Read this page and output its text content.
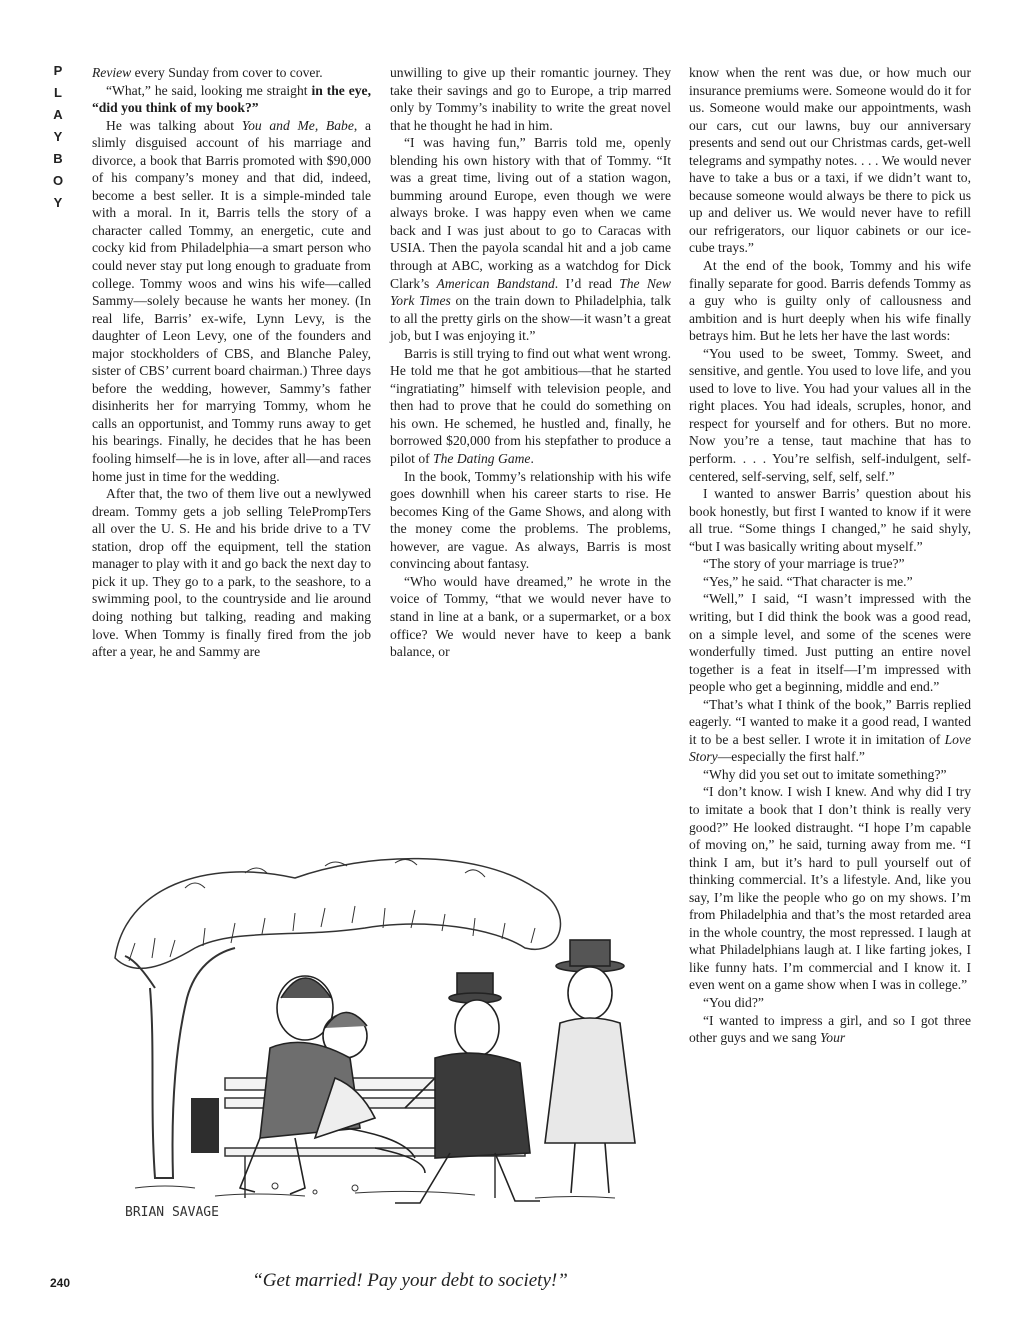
P
L
A
Y
B
O
Y

Review every Sunday from cover to cover.

“What,” he said, looking me straight in the eye, “did you think of my book?”

He was talking about You and Me, Babe, a slimly disguised account of his marriage and divorce, a book that Barris promoted with $90,000 of his company’s money and that did, indeed, become a best seller. It is a simple-minded tale with a moral. In it, Barris tells the story of a character called Tommy, an energetic, cute and cocky kid from Philadelphia—a smart person who could never stay put long enough to graduate from college. Tommy woos and wins his wife—called Sammy—solely because he wants her money. (In real life, Barris’ ex-wife, Lynn Levy, is the daughter of Leon Levy, one of the founders and major stockholders of CBS, and Blanche Paley, sister of CBS’ current board chairman.) Three days before the wedding, however, Sammy’s father disinherits her for marrying Tommy, whom he calls an opportunist, and Tommy runs away to get his bearings. Finally, he decides that he has been fooling himself—he is in love, after all—and races home just in time for the wedding.

After that, the two of them live out a newlywed dream. Tommy gets a job selling TelePrompTers all over the U. S. He and his bride drive to a TV station, drop off the equipment, tell the station manager to play with it and go back the next day to pick it up. They go to a park, to the seashore, to a swimming pool, to the countryside and lie around doing nothing but talking, reading and making love. When Tommy is finally fired from the job after a year, he and Sammy are

unwilling to give up their romantic journey. They take their savings and go to Europe, a trip marred only by Tommy’s inability to write the great novel that he thought he had in him.

“I was having fun,” Barris told me, openly blending his own history with that of Tommy. “It was a great time, living out of a station wagon, bumming around Europe, even though we were always broke. I was happy even when we came back and I was just about to go to Caracas with USIA. Then the payola scandal hit and a job came through at ABC, working as a watchdog for Dick Clark’s American Bandstand. I’d read The New York Times on the train down to Philadelphia, talk to all the pretty girls on the show—it wasn’t a great job, but I was enjoying it.”

Barris is still trying to find out what went wrong. He told me that he got ambitious—that he started “ingratiating” himself with television people, and then had to prove that he could do something on his own. He schemed, he hustled and, finally, he borrowed $20,000 from his stepfather to produce a pilot of The Dating Game.

In the book, Tommy’s relationship with his wife goes downhill when his career starts to rise. He becomes King of the Game Shows, and along with the money come the problems. The problems, however, are vague. As always, Barris is most convincing about fantasy.

“Who would have dreamed,” he wrote in the voice of Tommy, “that we would never have to stand in line at a bank, or a supermarket, or a box office? We would never have to keep a bank balance, or

know when the rent was due, or how much our insurance premiums were. Someone would do it for us. Someone would make our appointments, wash our cars, cut our lawns, buy our anniversary presents and send out our Christmas cards, get-well telegrams and sympathy notes. . . . We would never have to take a bus or a taxi, if we didn’t want to, because someone would always be there to pick us up and deliver us. We would never have to refill our refrigerators, our liquor cabinets or our ice-cube trays.”

At the end of the book, Tommy and his wife finally separate for good. Barris defends Tommy as a guy who is guilty only of callousness and ambition and is hurt deeply when his wife finally betrays him. But he lets her have the last words:

“You used to be sweet, Tommy. Sweet, and sensitive, and gentle. You used to love life, and you used to love to live. You had your values all in the right places. You had ideals, scruples, honor, and respect for yourself and for others. But no more. Now you’re a tense, taut machine that has to perform. . . . You’re selfish, self-indulgent, self-centered, self-serving, self, self, self.”

I wanted to answer Barris’ question about his book honestly, but first I wanted to know if it were all true. “Some things I changed,” he said shyly, “but I was basically writing about myself.”

“The story of your marriage is true?”

“Yes,” he said. “That character is me.”

“Well,” I said, “I wasn’t impressed with the writing, but I did think the book was a good read, on a simple level, and some of the scenes were wonderfully timed. Just putting an entire novel together is a feat in itself—I’m impressed with people who get a beginning, middle and end.”

“That’s what I think of the book,” Barris replied eagerly. “I wanted to make it a good read, I wanted it to be a best seller. I wrote it in imitation of Love Story—especially the first half.”

“Why did you set out to imitate something?”

“I don’t know. I wish I knew. And why did I try to imitate a book that I don’t think is really very good?” He looked distraught. “I hope I’m capable of moving on,” he said, turning away from me. “I think I am, but it’s hard to pull yourself out of thinking commercial. It’s a lifestyle. And, like you say, I’m like the people who go on my shows. I’m from Philadelphia and that’s the most retarded area in the whole country, the most repressed. I laugh at what Philadelphians laugh at. I like farting jokes, I like funny hats. I’m commercial and I know it. I even went on a game show when I was in college.”

“You did?”

“I wanted to impress a girl, and so I got three other guys and we sang Your

BRIAN SAVAGE
“Get married! Pay your debt to society!”
240
